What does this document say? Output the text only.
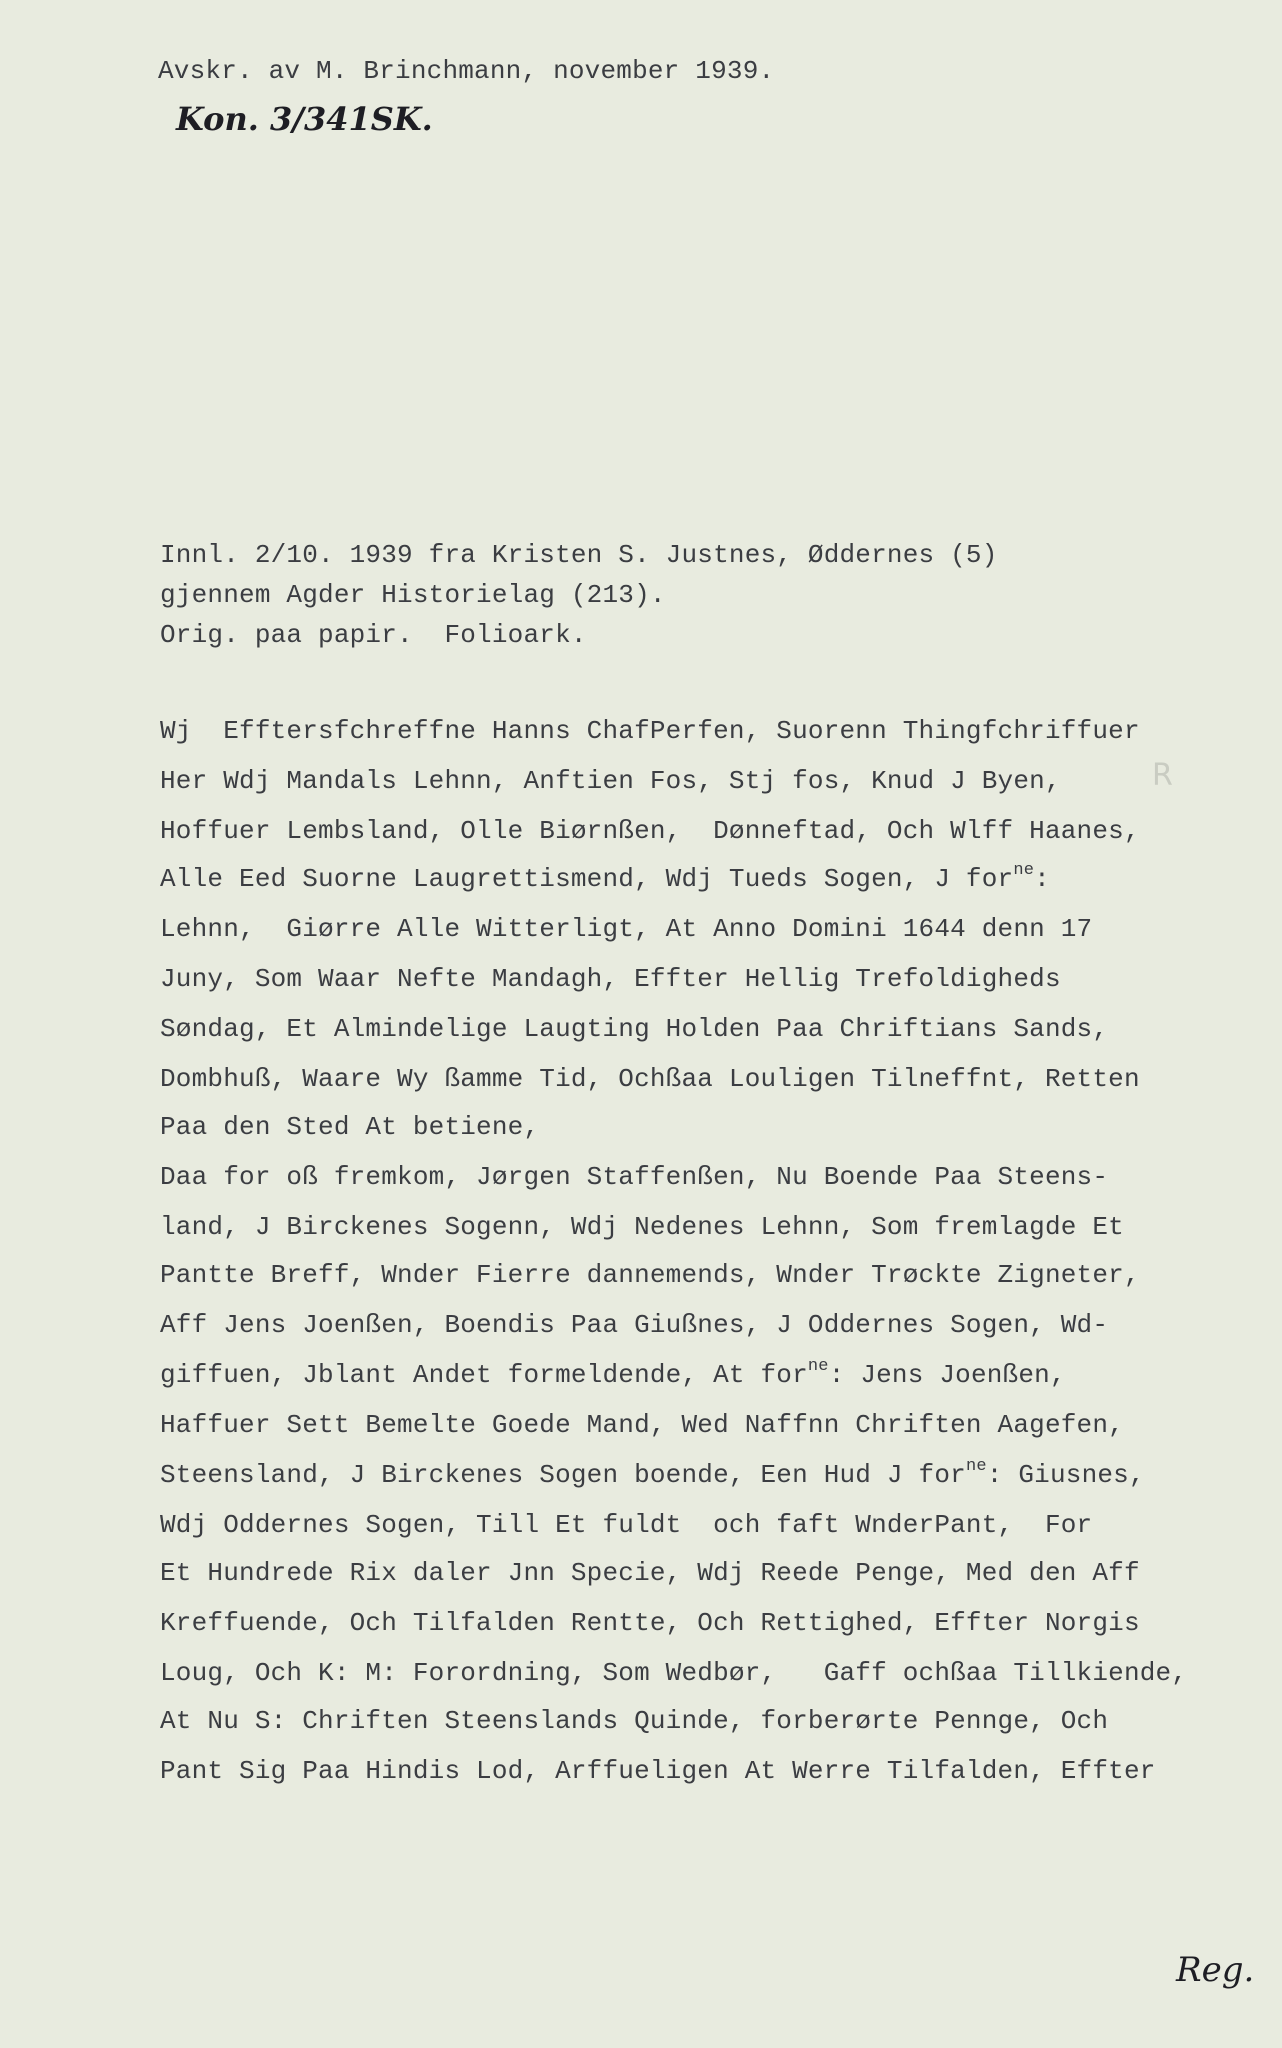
Avskr. av M. Brinchmann, november 1939.
Kon. 3/341SK.
Innl. 2/10. 1939 fra Kristen S. Justnes, Øddernes (5)
gjennem Agder Historielag (213).
Orig. paa papir.  Folioark.
Wj  Efftersfchreffne Hanns ChafPerfen, Suorenn Thingfchriffuer
Her Wdj Mandals Lehnn, Anftien Fos, Stj fos, Knud J Byen,
Hoffuer Lembsland, Olle Biørnßen,  Dønneftad, Och Wlff Haanes,
Alle Eed Suorne Laugrettismend, Wdj Tueds Sogen, J for$^{ne}$:
Lehnn,  Giørre Alle Witterligt, At Anno Domini 1644 denn 17
Juny, Som Waar Nefte Mandagh, Effter Hellig Trefoldigheds
Søndag, Et Almindelige Laugting Holden Paa Chriftians Sands,
Dombhuß, Waare Wy ßamme Tid, Ochßaa Louligen Tilneffnt, Retten
Paa den Sted At betiene,
Daa for oß fremkom, Jørgen Staffenßen, Nu Boende Paa Steens-
land, J Birckenes Sogenn, Wdj Nedenes Lehnn, Som fremlagde Et
Pantte Breff, Wnder Fierre dannemends, Wnder Trøckte Zigneter,
Aff Jens Joenßen, Boendis Paa Giußnes, J Oddernes Sogen, Wd-
giffuen, Jblant Andet formeldende, At for$^{ne}$: Jens Joenßen,
Haffuer Sett Bemelte Goede Mand, Wed Naffnn Chriften Aagefen,
Steensland, J Birckenes Sogen boende, Een Hud J for$^{ne}$: Giusnes,
Wdj Oddernes Sogen, Till Et fuldt  och faft WnderPant,  For
Et Hundrede Rix daler Jnn Specie, Wdj Reede Penge, Med den Aff
Kreffuende, Och Tilfalden Rentte, Och Rettighed, Effter Norgis
Loug, Och K: M: Forordning, Som Wedbør,   Gaff ochßaa Tillkiende,
At Nu S: Chriften Steenslands Quinde, forberørte Pennge, Och
Pant Sig Paa Hindis Lod, Arffueligen At Werre Tilfalden, Effter
R
Reg.
